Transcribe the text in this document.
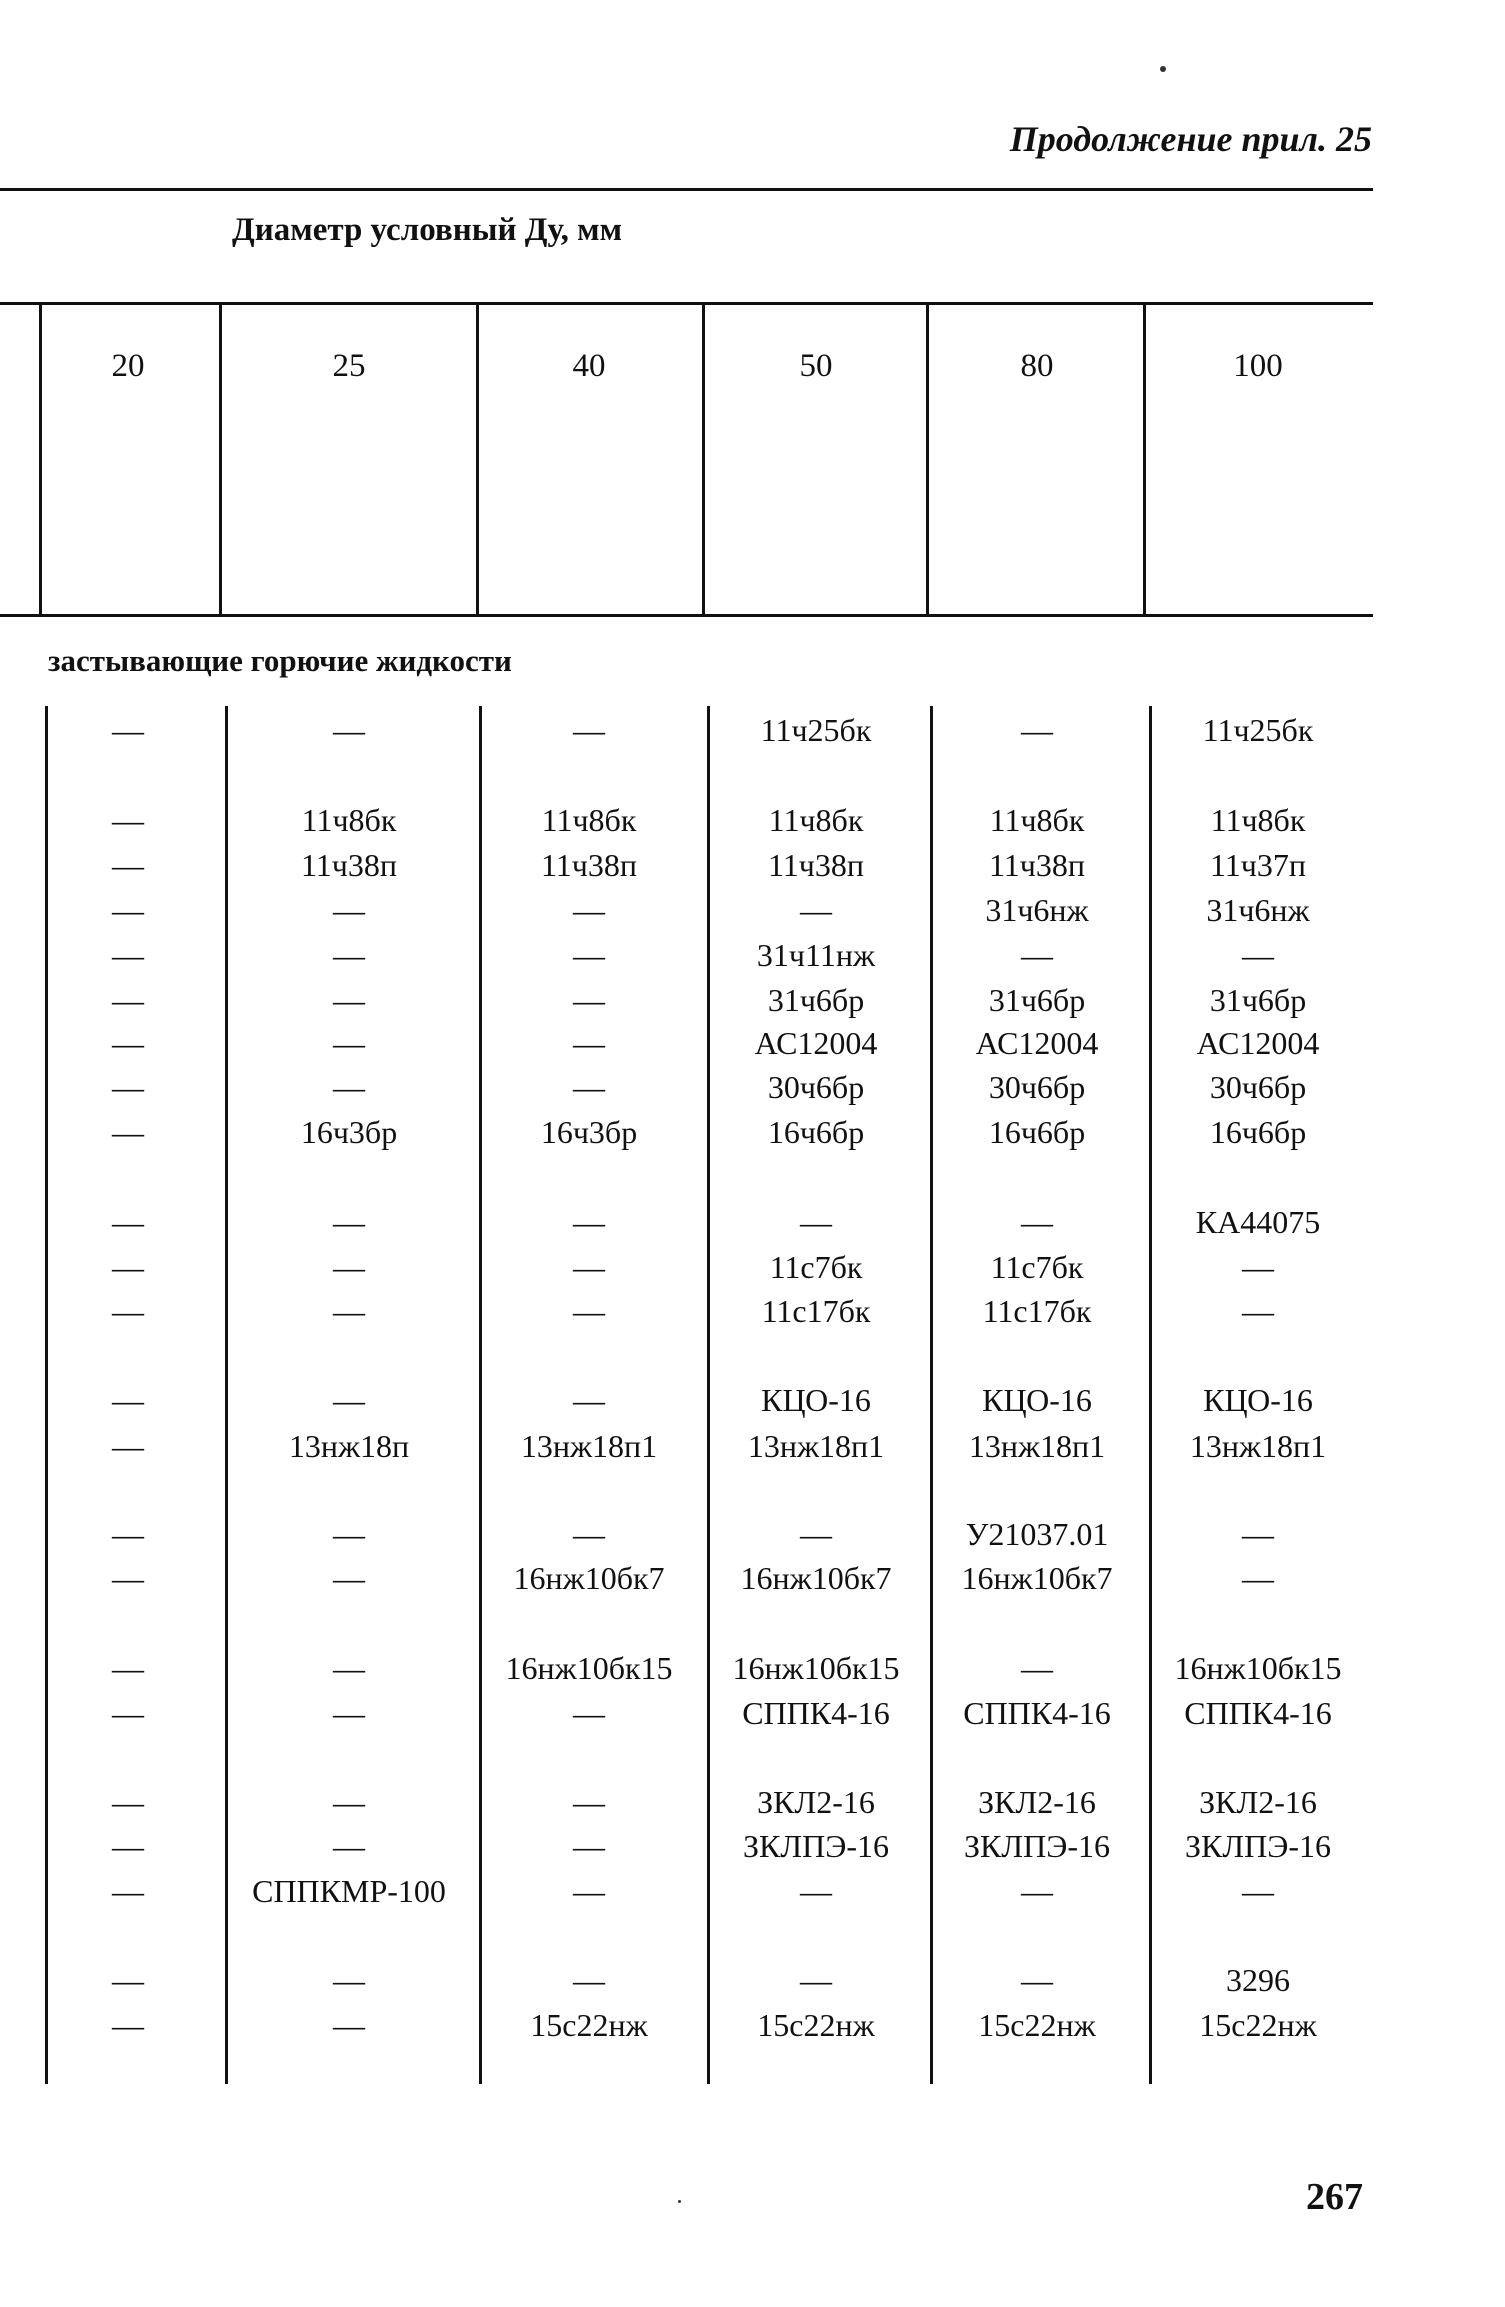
Продолжение прил. 25
Диаметр условный Ду, мм
20	25	40	50	80	100
застывающие горючие жидкости
—	—	—	11ч25бк	—	11ч25бк
—	11ч8бк	11ч8бк	11ч8бк	11ч8бк	11ч8бк
—	11ч38п	11ч38п	11ч38п	11ч38п	11ч37п
—	—	—	—	31ч6нж	31ч6нж
—	—	—	31ч11нж	—	—
—	—	—	31ч6бр	31ч6бр	31ч6бр
—	—	—	АС12004	АС12004	АС12004
—	—	—	30ч6бр	30ч6бр	30ч6бр
—	16ч3бр	16ч3бр	16ч6бр	16ч6бр	16ч6бр
—	—	—	—	—	КА44075
—	—	—	11с7бк	11с7бк	—
—	—	—	11с17бк	11с17бк	—
—	—	—	КЦО-16	КЦО-16	КЦО-16
—	13нж18п	13нж18п1	13нж18п1	13нж18п1	13нж18п1
—	—	—	—	У21037.01	—
—	—	16нж10бк7	16нж10бк7	16нж10бк7	—
—	—	16нж10бк15	16нж10бк15	—	16нж10бк15
—	—	—	СППК4-16	СППК4-16	СППК4-16
—	—	—	ЗКЛ2-16	ЗКЛ2-16	ЗКЛ2-16
—	—	—	ЗКЛПЭ-16	ЗКЛПЭ-16	ЗКЛПЭ-16
—	СППКМР-100	—	—	—	—
—	—	—	—	—	3296
—	—	15с22нж	15с22нж	15с22нж	15с22нж
267
